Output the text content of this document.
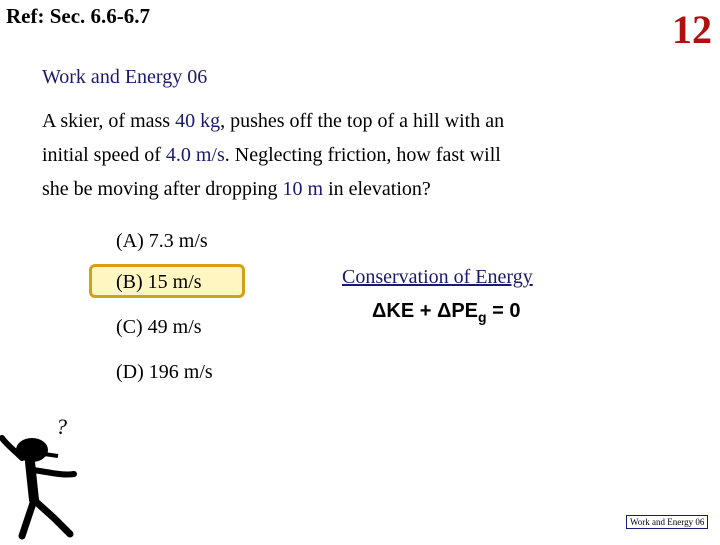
Ref: Sec. 6.6-6.7	12
Work and Energy 06
A skier, of mass 40 kg, pushes off the top of a hill with an
initial speed of 4.0 m/s. Neglecting friction, how fast will
she be moving after dropping 10 m in elevation?
(A) 7.3 m/s
(B) 15 m/s
(C) 49 m/s
(D) 196 m/s
Conservation of Energy
$\Delta KE + \Delta PE_g = 0$
?
Work and Energy 06
